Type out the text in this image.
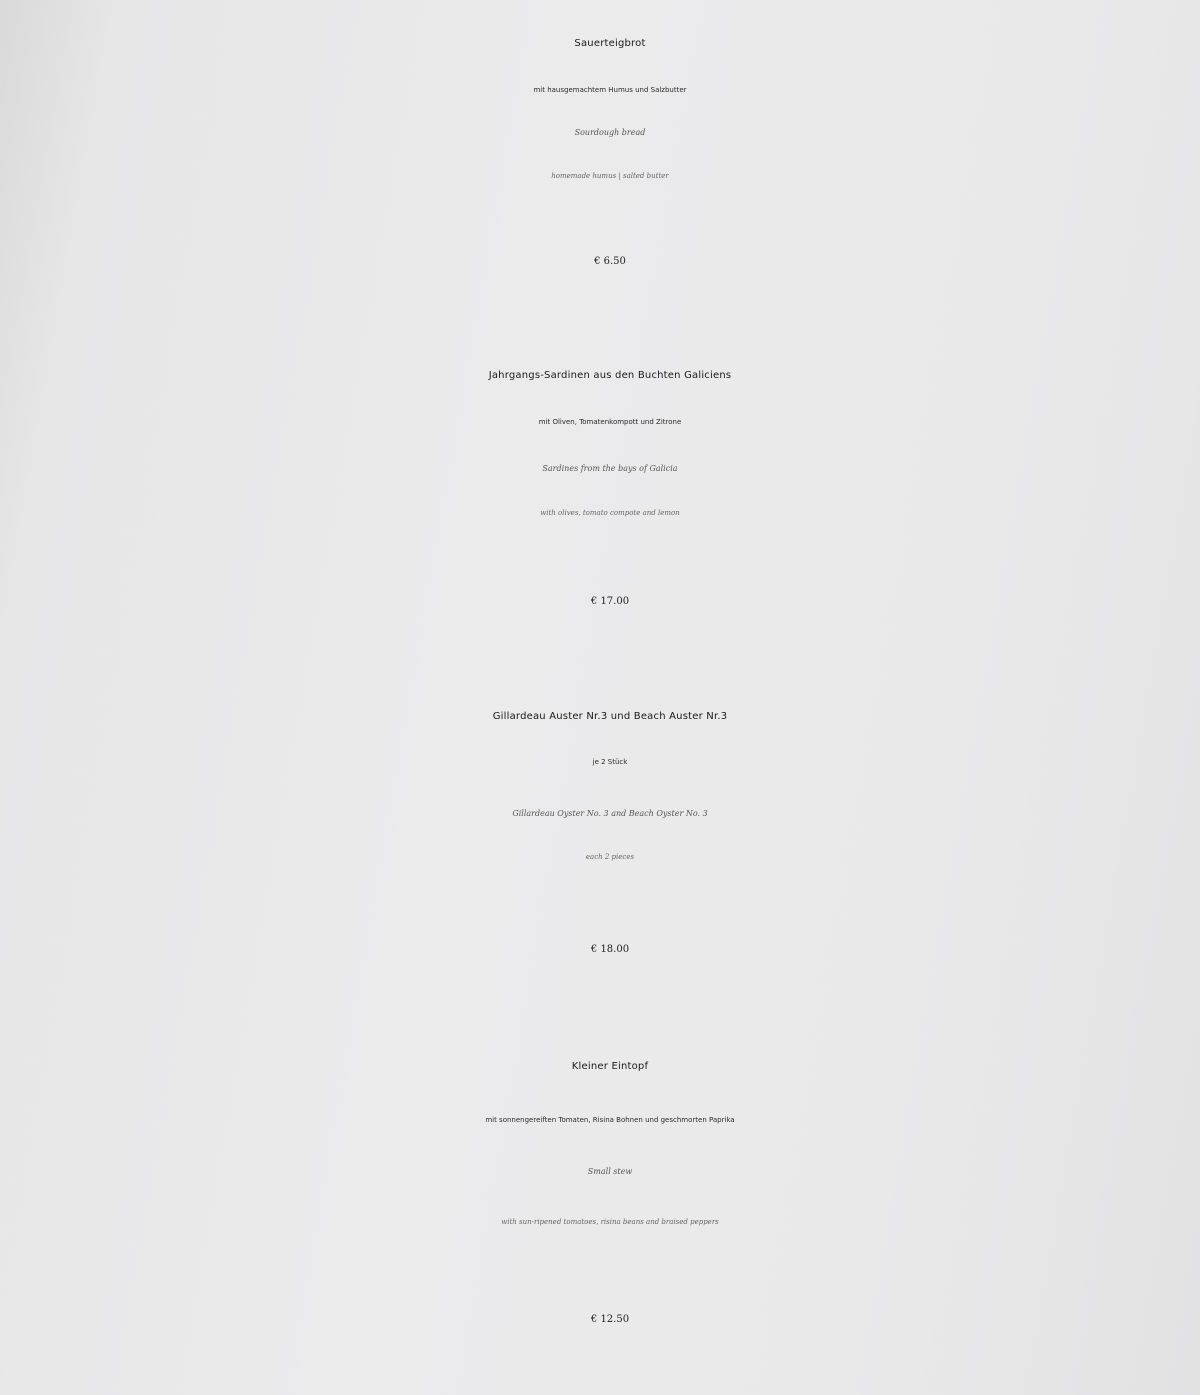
Sauerteigbrot
mit hausgemachtem Humus und Salzbutter
Sourdough bread
homemade humus | salted butter
€ 6.50
Jahrgangs-Sardinen aus den Buchten Galiciens
mit Oliven, Tomatenkompott und Zitrone
Sardines from the bays of Galicia
with olives, tomato compote and lemon
€ 17.00
Gillardeau Auster Nr.3 und Beach Auster Nr.3
je 2 Stück
Gillardeau Oyster No. 3 and Beach Oyster No. 3
each 2 pieces
€ 18.00
Kleiner Eintopf
mit sonnengereiften Tomaten, Risina Bohnen und geschmorten Paprika
Small stew
with sun-ripened tomatoes, risina beans and braised peppers
€ 12.50
